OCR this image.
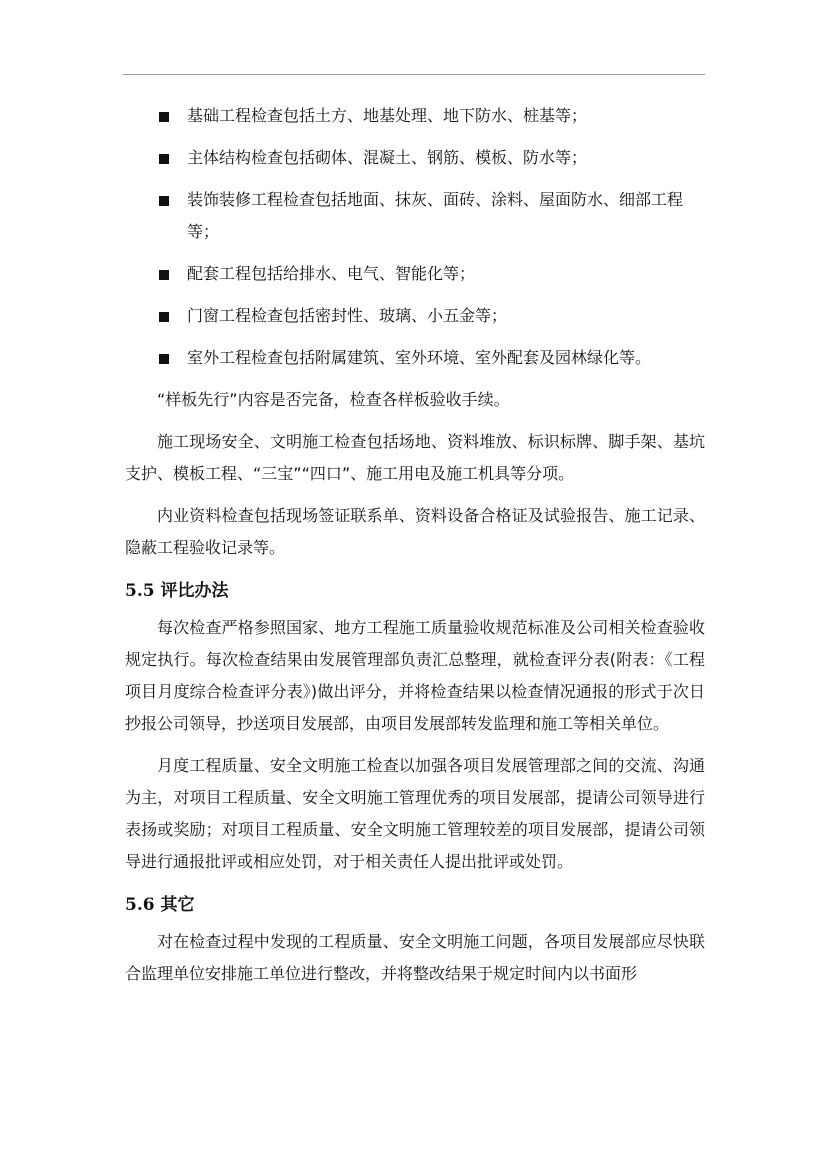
基础工程检查包括土方、地基处理、地下防水、桩基等；
主体结构检查包括砌体、混凝土、钢筋、模板、防水等；
装饰装修工程检查包括地面、抹灰、面砖、涂料、屋面防水、细部工程等；
配套工程包括给排水、电气、智能化等；
门窗工程检查包括密封性、玻璃、小五金等；
室外工程检查包括附属建筑、室外环境、室外配套及园林绿化等。

“样板先行”内容是否完备，检查各样板验收手续。

施工现场安全、文明施工检查包括场地、资料堆放、标识标牌、脚手架、基坑支护、模板工程、“三宝”“四口”、施工用电及施工机具等分项。

内业资料检查包括现场签证联系单、资料设备合格证及试验报告、施工记录、隐蔽工程验收记录等。

5.5 评比办法

每次检查严格参照国家、地方工程施工质量验收规范标准及公司相关检查验收规定执行。每次检查结果由发展管理部负责汇总整理，就检查评分表(附表：《工程项目月度综合检查评分表》)做出评分，并将检查结果以检查情况通报的形式于次日抄报公司领导，抄送项目发展部，由项目发展部转发监理和施工等相关单位。

月度工程质量、安全文明施工检查以加强各项目发展管理部之间的交流、沟通为主，对项目工程质量、安全文明施工管理优秀的项目发展部，提请公司领导进行表扬或奖励；对项目工程质量、安全文明施工管理较差的项目发展部，提请公司领导进行通报批评或相应处罚，对于相关责任人提出批评或处罚。

5.6 其它

对在检查过程中发现的工程质量、安全文明施工问题，各项目发展部应尽快联合监理单位安排施工单位进行整改，并将整改结果于规定时间内以书面形
